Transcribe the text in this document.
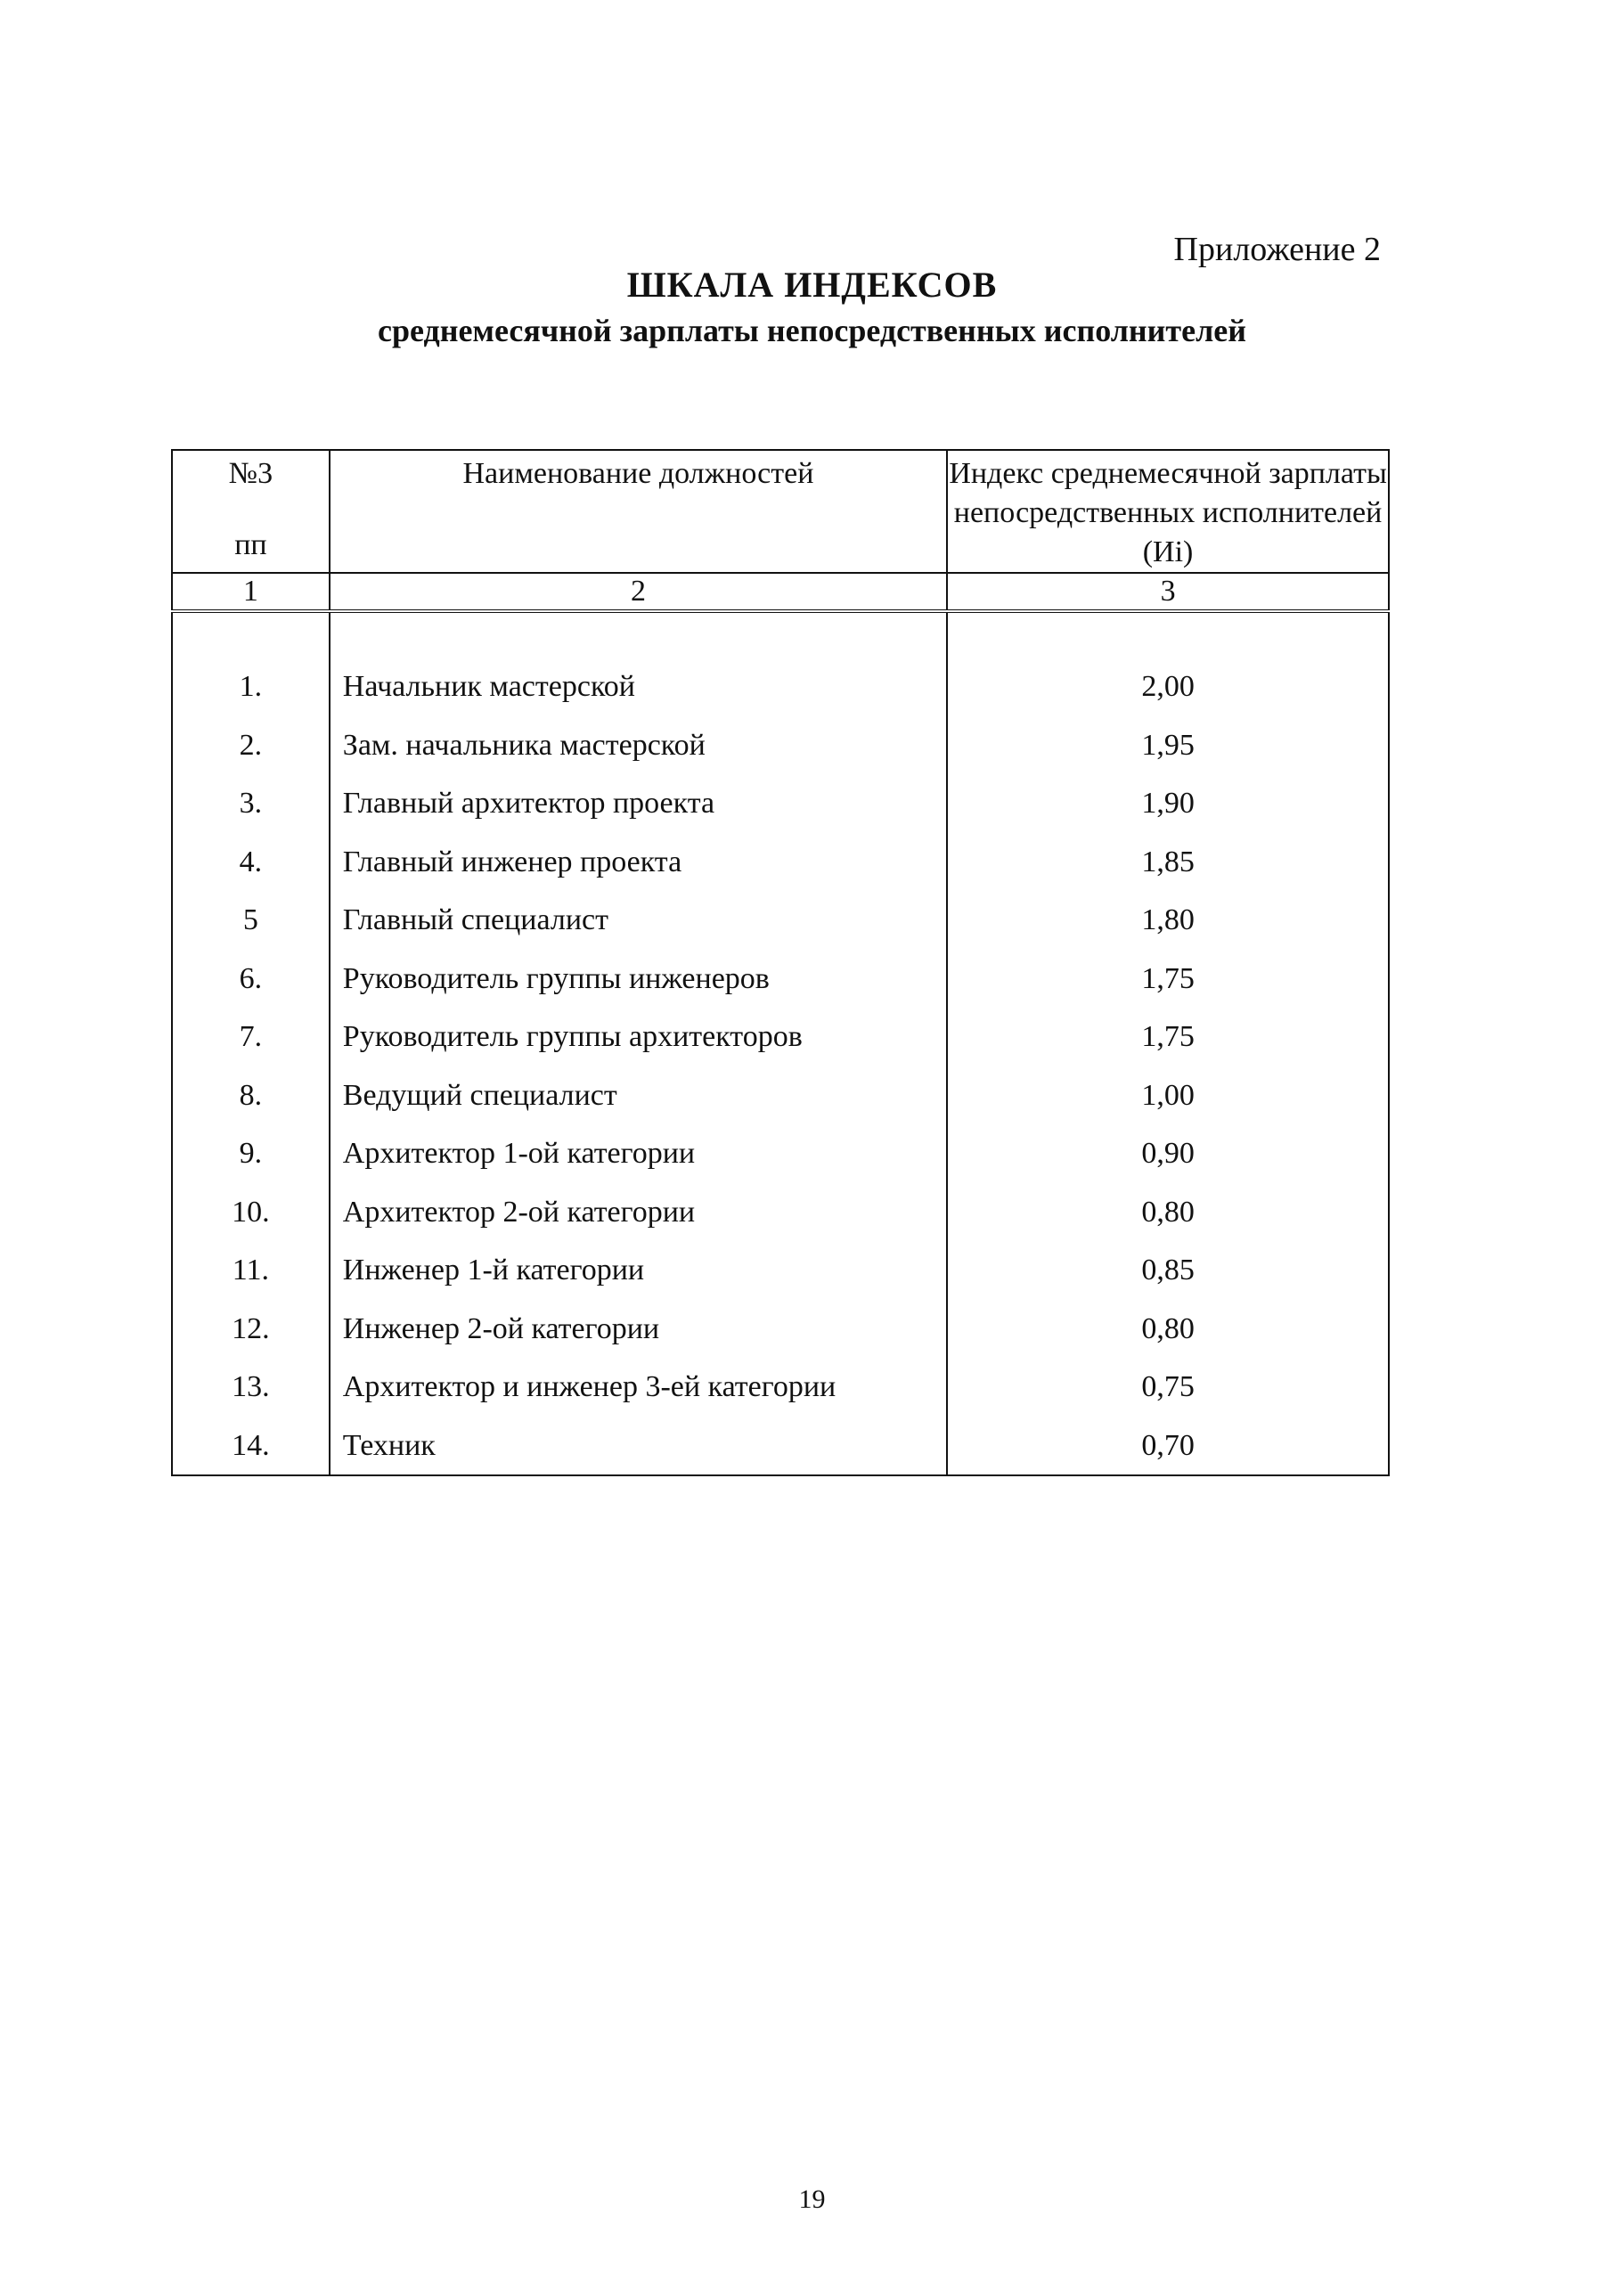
Приложение 2
ШКАЛА ИНДЕКСОВ
среднемесячной зарплаты непосредственных исполнителей
№3
пп	Наименование должностей	Индекс среднемесячной зарплаты непосредственных исполнителей (Иi)
1	2	3

1.	Начальник мастерской	2,00
2.	Зам. начальника мастерской	1,95
3.	Главный архитектор проекта	1,90
4.	Главный инженер проекта	1,85
5	Главный специалист	1,80
6.	Руководитель группы инженеров	1,75
7.	Руководитель группы архитекторов	1,75
8.	Ведущий специалист	1,00
9.	Архитектор 1-ой категории	0,90
10.	Архитектор 2-ой категории	0,80
11.	Инженер 1-й категории	0,85
12.	Инженер 2-ой категории	0,80
13.	Архитектор и инженер 3-ей категории	0,75
14.	Техник	0,70
19
